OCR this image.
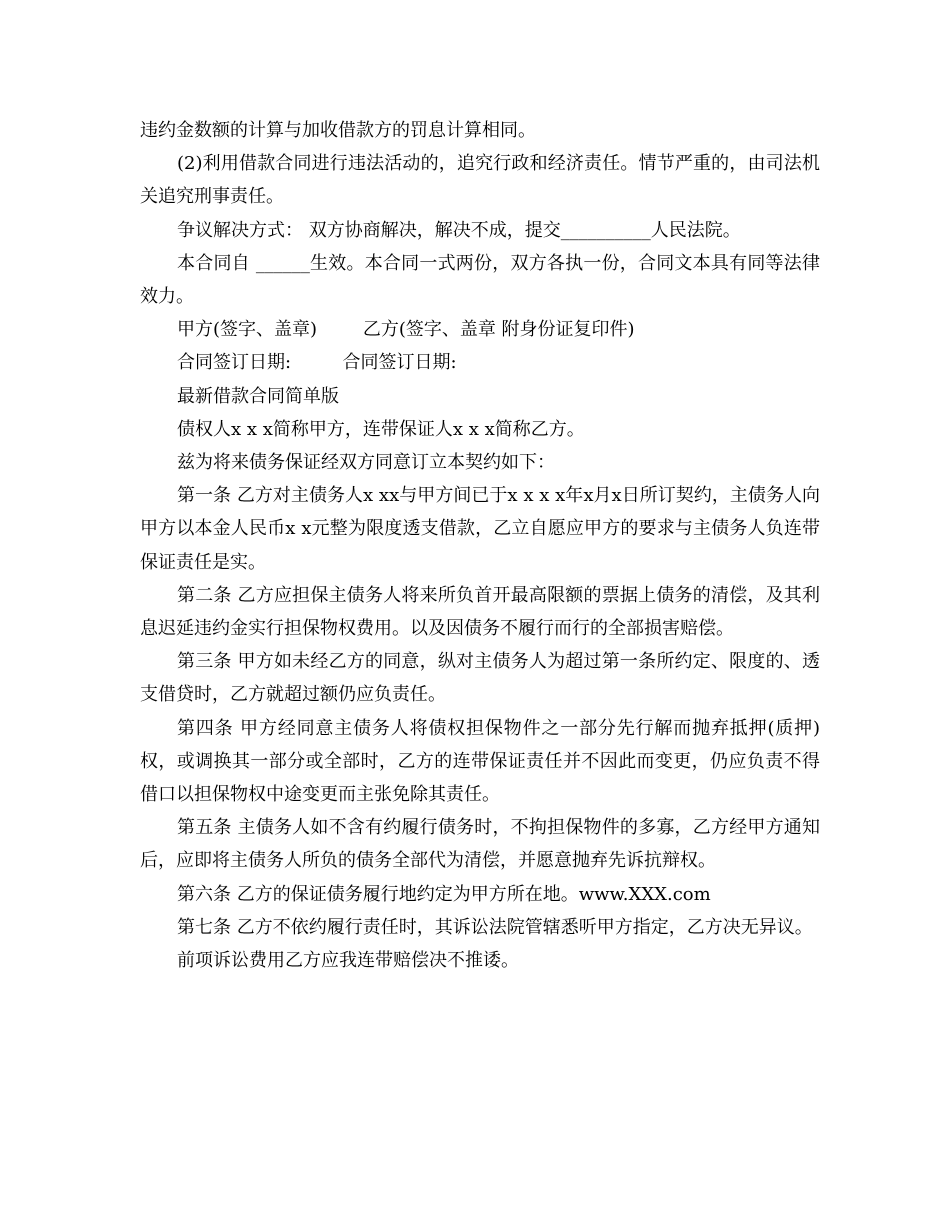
违约金数额的计算与加收借款方的罚息计算相同。

(2)利用借款合同进行违法活动的，追究行政和经济责任。情节严重的，由司法机关追究刑事责任。

争议解决方式： 双方协商解决，解决不成，提交__________人民法院。

本合同自 ______生效。本合同一式两份，双方各执一份，合同文本具有同等法律效力。

甲方(签字、盖章)        乙方(签字、盖章 附身份证复印件)

合同签订日期:         合同签订日期:

最新借款合同简单版

债权人x x x简称甲方，连带保证人x x x简称乙方。

兹为将来债务保证经双方同意订立本契约如下：

第一条 乙方对主债务人x xx与甲方间已于x x x x年x月x日所订契约，主债务人向甲方以本金人民币x x元整为限度透支借款，乙立自愿应甲方的要求与主债务人负连带保证责任是实。

第二条 乙方应担保主债务人将来所负首开最高限额的票据上债务的清偿，及其利息迟延违约金实行担保物权费用。以及因债务不履行而行的全部损害赔偿。

第三条 甲方如未经乙方的同意，纵对主债务人为超过第一条所约定、限度的、透支借贷时，乙方就超过额仍应负责任。

第四条 甲方经同意主债务人将债权担保物件之一部分先行解而抛弃抵押(质押)权，或调换其一部分或全部时，乙方的连带保证责任并不因此而变更，仍应负责不得借口以担保物权中途变更而主张免除其责任。

第五条 主债务人如不含有约履行债务时，不拘担保物件的多寡，乙方经甲方通知后，应即将主债务人所负的债务全部代为清偿，并愿意抛弃先诉抗辩权。

第六条 乙方的保证债务履行地约定为甲方所在地。www.XXX.com

第七条 乙方不依约履行责任时，其诉讼法院管辖悉听甲方指定，乙方决无异议。

前项诉讼费用乙方应我连带赔偿决不推诿。
